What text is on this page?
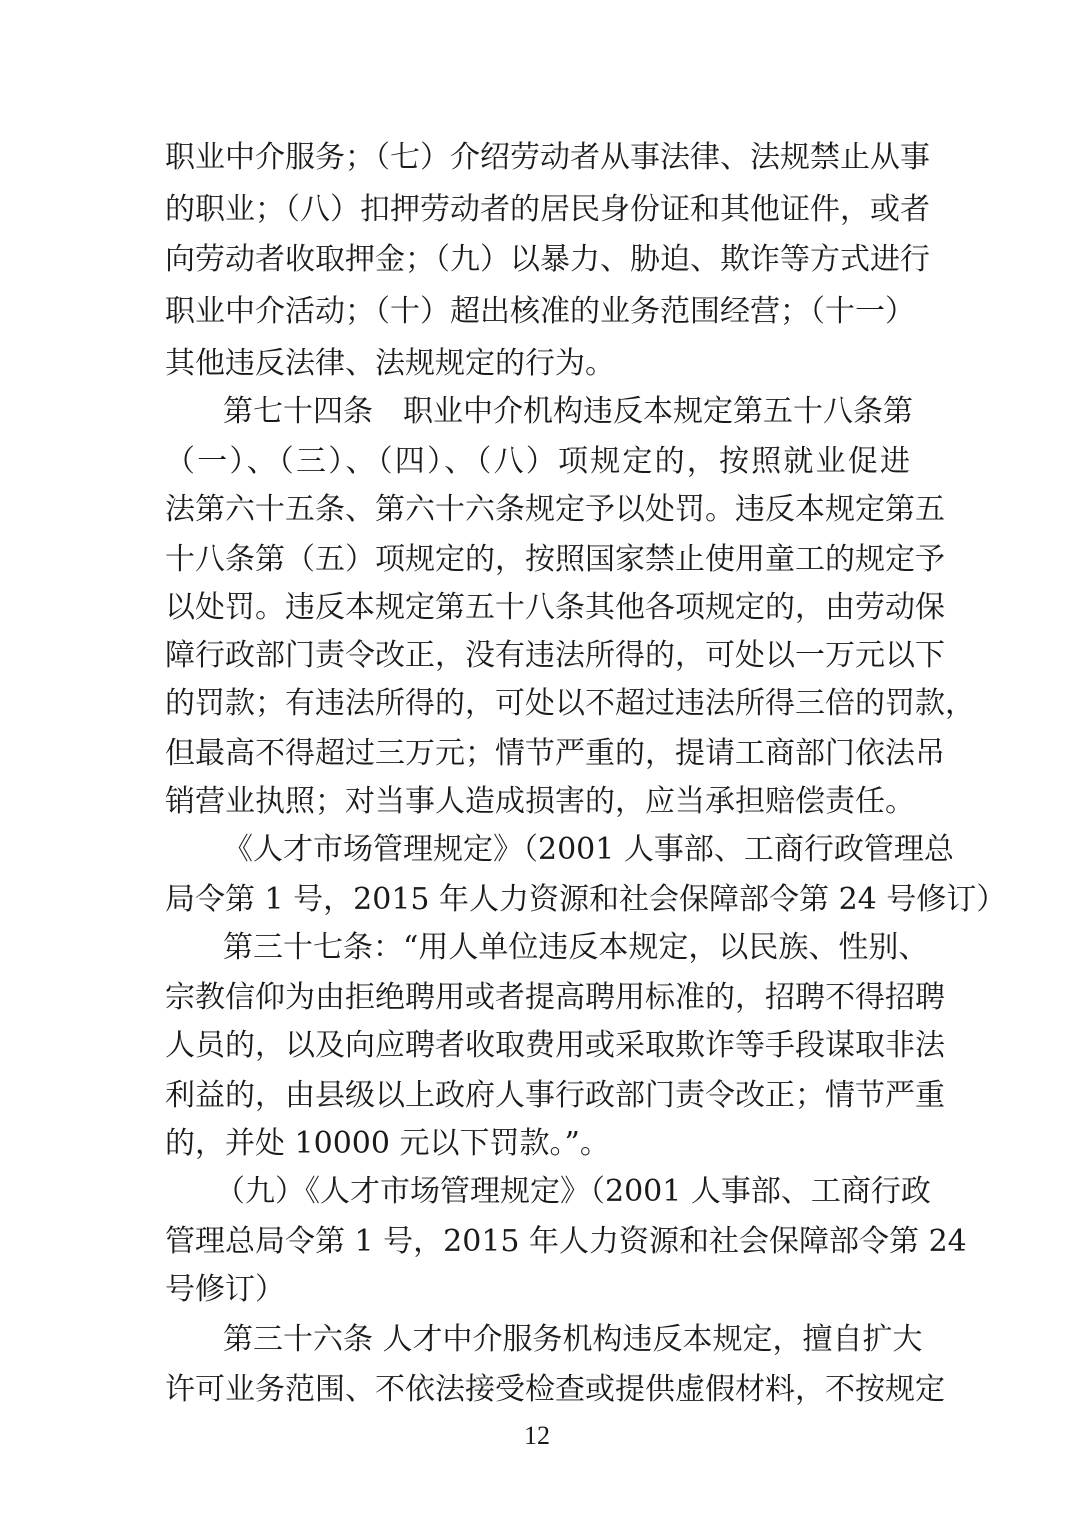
职业中介服务；（七）介绍劳动者从事法律、法规禁止从事
的职业；（八）扣押劳动者的居民身份证和其他证件，或者
向劳动者收取押金；（九）以暴力、胁迫、欺诈等方式进行
职业中介活动；（十）超出核准的业务范围经营；（十一）
其他违反法律、法规规定的行为。
第七十四条　职业中介机构违反本规定第五十八条第
（一）、（三）、（四）、（八）项规定的，按照就业促进
法第六十五条、第六十六条规定予以处罚。违反本规定第五
十八条第（五）项规定的，按照国家禁止使用童工的规定予
以处罚。违反本规定第五十八条其他各项规定的，由劳动保
障行政部门责令改正，没有违法所得的，可处以一万元以下
的罚款；有违法所得的，可处以不超过违法所得三倍的罚款，
但最高不得超过三万元；情节严重的，提请工商部门依法吊
销营业执照；对当事人造成损害的，应当承担赔偿责任。
《人才市场管理规定》（2001 人事部、工商行政管理总
局令第 1 号，2015 年人力资源和社会保障部令第 24 号修订）
第三十七条：“用人单位违反本规定，以民族、性别、
宗教信仰为由拒绝聘用或者提高聘用标准的，招聘不得招聘
人员的，以及向应聘者收取费用或采取欺诈等手段谋取非法
利益的，由县级以上政府人事行政部门责令改正；情节严重
的，并处 10000 元以下罚款。”。
（九）《人才市场管理规定》（2001 人事部、工商行政
管理总局令第 1 号，2015 年人力资源和社会保障部令第 24
号修订）
第三十六条 人才中介服务机构违反本规定，擅自扩大
许可业务范围、不依法接受检查或提供虚假材料，不按规定
12
